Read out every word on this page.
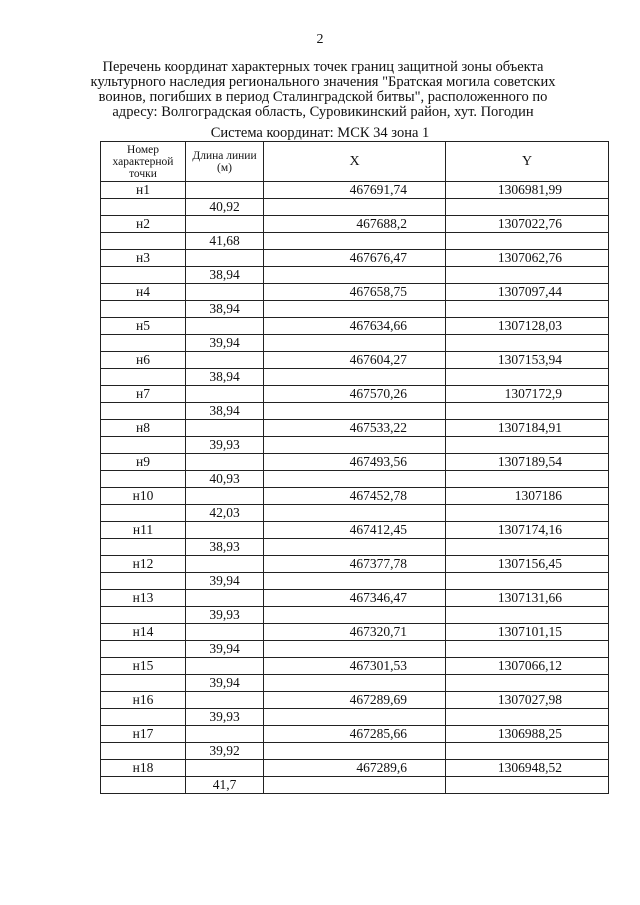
2
Перечень координат характерных точек границ защитной зоны объекта культурного наследия регионального значения "Братская могила советских воинов, погибших в период Сталинградской битвы", расположенного по адресу: Волгоградская область, Суровикинский район, хут. Погодин
Система координат: МСК 34 зона 1
Номер характерной точки	Длина линии (м)	X	Y
н1		467691,74	1306981,99
	40,92		
н2		467688,2	1307022,76
	41,68		
н3		467676,47	1307062,76
	38,94		
н4		467658,75	1307097,44
	38,94		
н5		467634,66	1307128,03
	39,94		
н6		467604,27	1307153,94
	38,94		
н7		467570,26	1307172,9
	38,94		
н8		467533,22	1307184,91
	39,93		
н9		467493,56	1307189,54
	40,93		
н10		467452,78	1307186
	42,03		
н11		467412,45	1307174,16
	38,93		
н12		467377,78	1307156,45
	39,94		
н13		467346,47	1307131,66
	39,93		
н14		467320,71	1307101,15
	39,94		
н15		467301,53	1307066,12
	39,94		
н16		467289,69	1307027,98
	39,93		
н17		467285,66	1306988,25
	39,92		
н18		467289,6	1306948,52
	41,7		
